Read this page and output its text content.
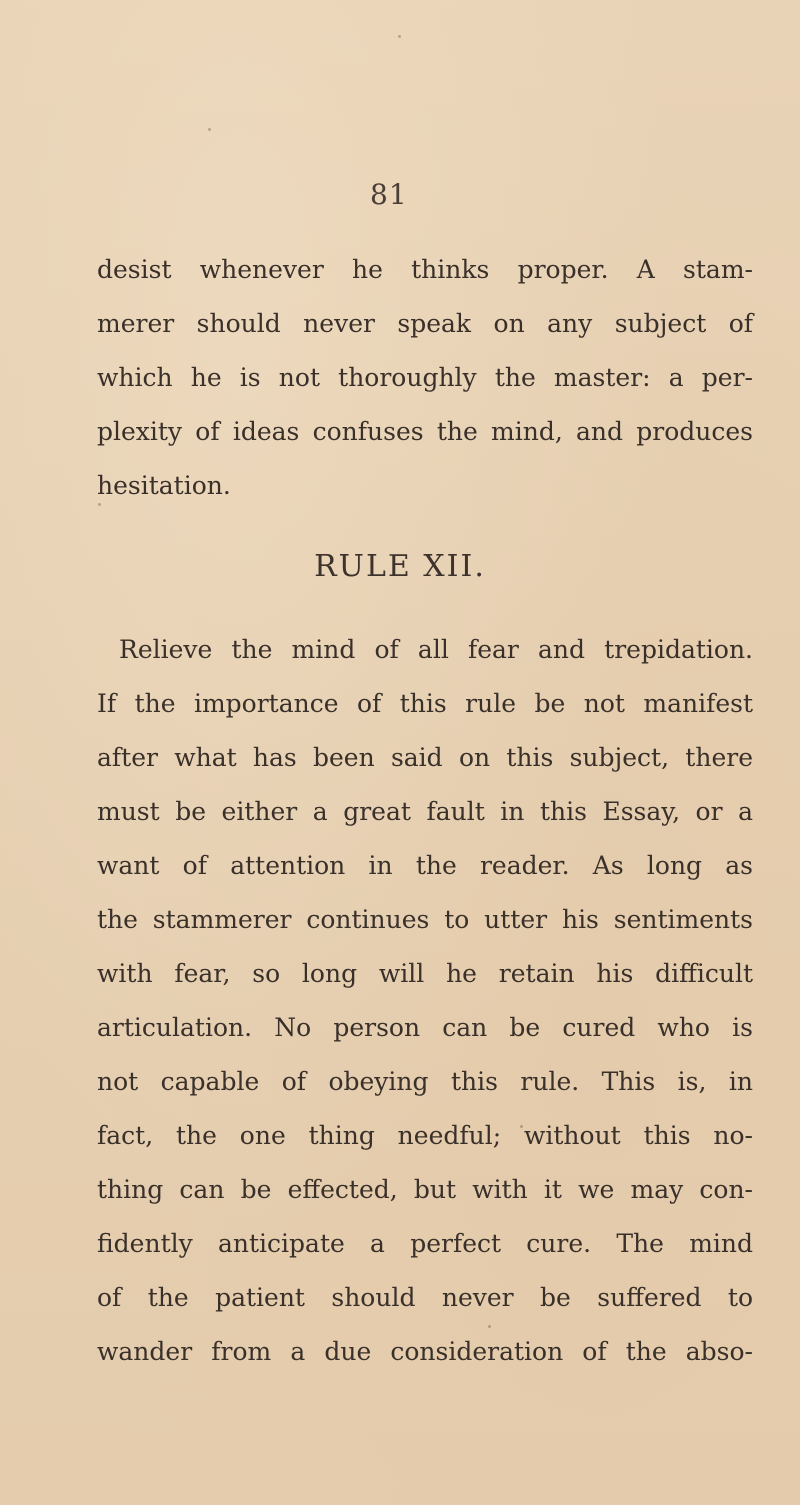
81
desist whenever he thinks proper. A stam-
merer should never speak on any subject of
which he is not thoroughly the master: a per-
plexity of ideas confuses the mind, and produces
hesitation.
RULE XII.
Relieve the mind of all fear and trepidation.
If the importance of this rule be not manifest
after what has been said on this subject, there
must be either a great fault in this Essay, or a
want of attention in the reader. As long as
the stammerer continues to utter his sentiments
with fear, so long will he retain his difficult
articulation. No person can be cured who is
not capable of obeying this rule. This is, in
fact, the one thing needful; without this no-
thing can be effected, but with it we may con-
fidently anticipate a perfect cure. The mind
of the patient should never be suffered to
wander from a due consideration of the abso-
